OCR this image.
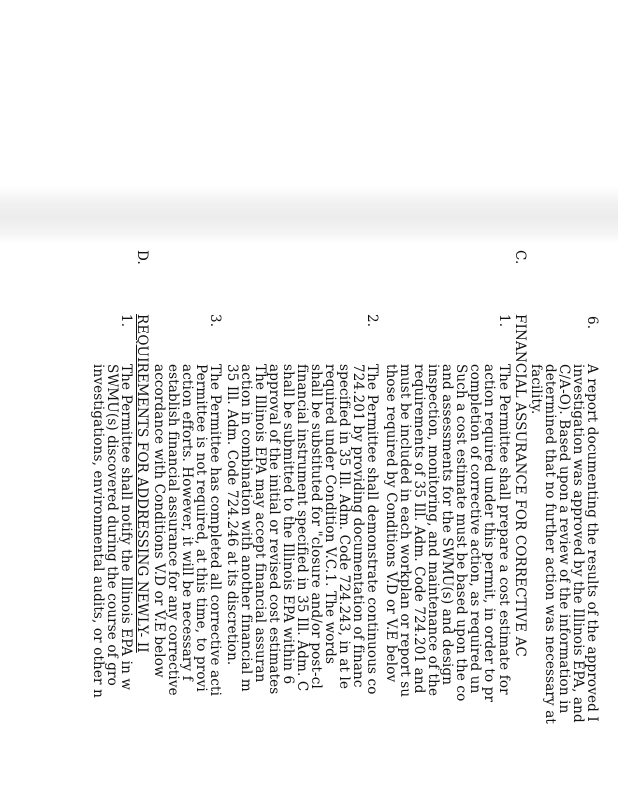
6.
A report documenting the results of the approved I
investigation was approved by the Illinois EPA, and
C/A-O). Based upon a review of the information in
determined that no further action was necessary at
facility.
C.
FINANCIAL ASSURANCE FOR CORRECTIVE AC
1.
The Permittee shall prepare a cost estimate for
action required under this permit, in order to pr
completion of corrective action, as required un
Such a cost estimate must be based upon the co
and assessments for the SWMU(s) and design
inspection, monitoring, and maintenance of the
requirements of 35 Ill. Adm. Code 724.201 and
must be included in each workplan or report su
those required by Conditions V.D or V.E belov
2.
The Permittee shall demonstrate continuous co
724.201 by providing documentation of financ
specified in 35 Ill. Adm. Code 724.243, in at le
required under Condition V.C.1. The words
shall be substituted for "closure and/or post-cl
financial instrument specified in 35 Ill. Adm. C
shall be submitted to the Illinois EPA within 6
approval of the initial or revised cost estimates
The Illinois EPA may accept financial assuran
action in combination with another financial m
35 Ill. Adm. Code 724.246 at its discretion.
3.
The Permittee has completed all corrective acti
Permittee is not required, at this time, to provi
action efforts. However, it will be necessary f
establish financial assurance for any corrective
accordance with Conditions V.D or V.E below
D.
REQUIREMENTS FOR ADDRESSING NEWLY- II
1.
The Permittee shall notify the Illinois EPA in w
SWMU(s) discovered during the course of gro
investigations, environmental audits, or other n
